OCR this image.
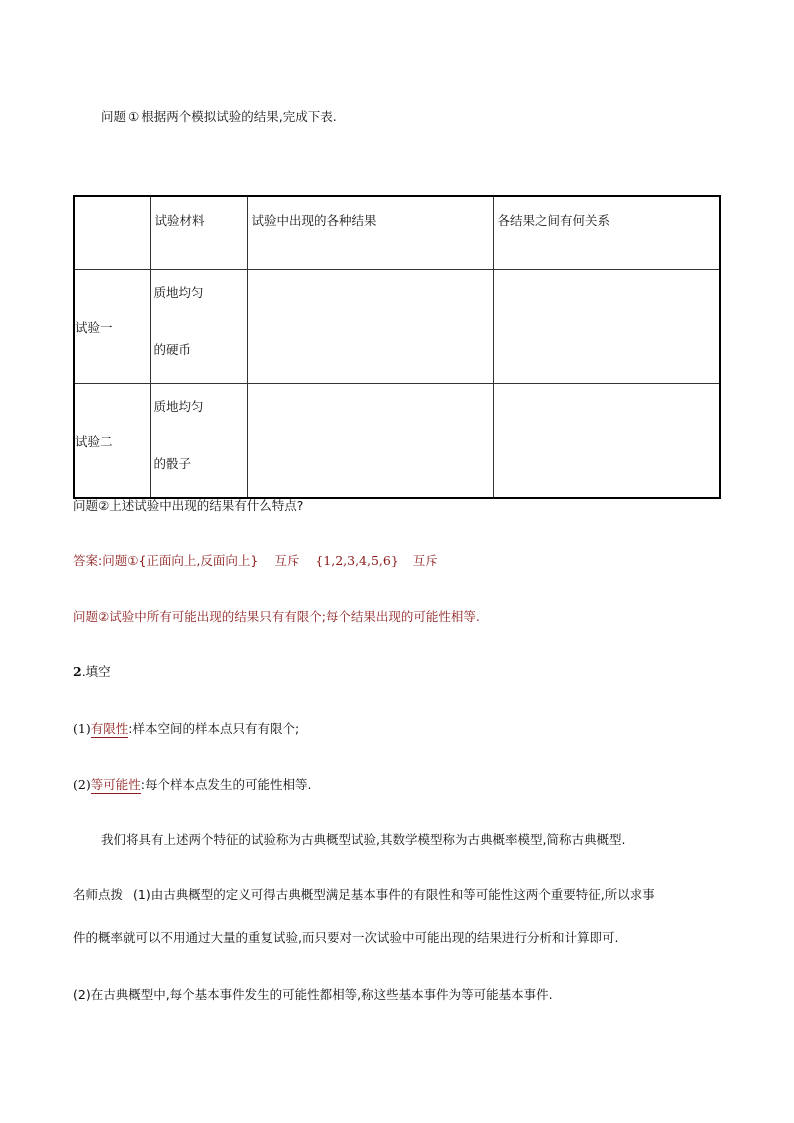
问题 ① 根据两个模拟试验的结果,完成下表.
	试验材料	试验中出现的各种结果	各结果之间有何关系
试验一	质地均匀
的硬币		

试验二	质地均匀
的骰子		

问题②上述试验中出现的结果有什么特点?
答案:问题①{正面向上,反面向上} 互斥 {1,2,3,4,5,6} 互斥
问题②试验中所有可能出现的结果只有有限个;每个结果出现的可能性相等.
2.填空
(1)有限性:样本空间的样本点只有有限个;
(2)等可能性:每个样本点发生的可能性相等.
我们将具有上述两个特征的试验称为古典概型试验,其数学模型称为古典概率模型,简称古典概型.
名师点拨 (1)由古典概型的定义可得古典概型满足基本事件的有限性和等可能性这两个重要特征,所以求事
件的概率就可以不用通过大量的重复试验,而只要对一次试验中可能出现的结果进行分析和计算即可.
(2)在古典概型中,每个基本事件发生的可能性都相等,称这些基本事件为等可能基本事件.
